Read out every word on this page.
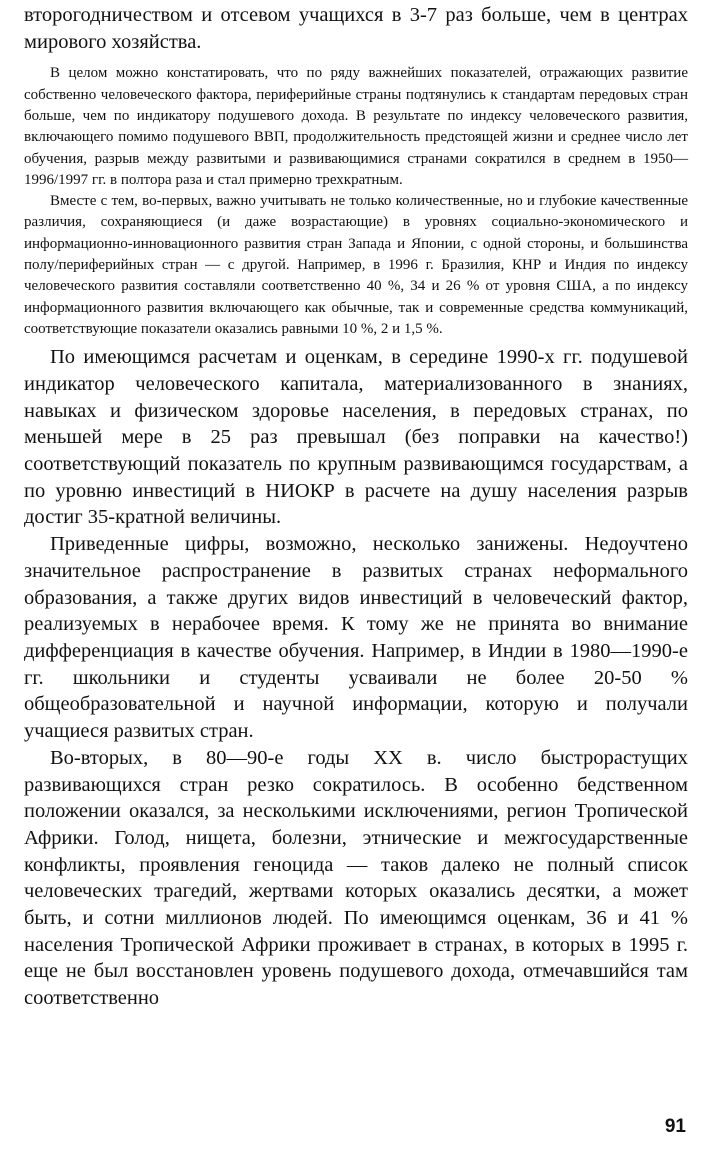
второгодничеством и отсевом учащихся в 3-7 раз больше, чем в центрах мирового хозяйства.

В целом можно констатировать, что по ряду важнейших показателей, отражающих развитие собственно человеческого фактора, периферийные страны подтянулись к стандартам передовых стран больше, чем по индикатору подушевого дохода. В результате по индексу человеческого развития, включающего помимо подушевого ВВП, продолжительность предстоящей жизни и среднее число лет обучения, разрыв между развитыми и развивающимися странами сократился в среднем в 1950—1996/1997 гг. в полтора раза и стал примерно трехкратным.

Вместе с тем, во-первых, важно учитывать не только количественные, но и глубокие качественные различия, сохраняющиеся (и даже возрастающие) в уровнях социально-экономического и информационно-инновационного развития стран Запада и Японии, с одной стороны, и большинства полу/периферийных стран — с другой. Например, в 1996 г. Бразилия, КНР и Индия по индексу человеческого развития составляли соответственно 40 %, 34 и 26 % от уровня США, а по индексу информационного развития включающего как обычные, так и современные средства коммуникаций, соответствующие показатели оказались равными 10 %, 2 и 1,5 %.

По имеющимся расчетам и оценкам, в середине 1990-х гг. подушевой индикатор человеческого капитала, материализованного в знаниях, навыках и физическом здоровье населения, в передовых странах, по меньшей мере в 25 раз превышал (без поправки на качество!) соответствующий показатель по крупным развивающимся государствам, а по уровню инвестиций в НИОКР в расчете на душу населения разрыв достиг 35-кратной величины.

Приведенные цифры, возможно, несколько занижены. Недоучтено значительное распространение в развитых странах неформального образования, а также других видов инвестиций в человеческий фактор, реализуемых в нерабочее время. К тому же не принята во внимание дифференциация в качестве обучения. Например, в Индии в 1980—1990-е гг. школьники и студенты усваивали не более 20-50 % общеобразовательной и научной информации, которую и получали учащиеся развитых стран.

Во-вторых, в 80—90-е годы XX в. число быстрорастущих развивающихся стран резко сократилось. В особенно бедственном положении оказался, за несколькими исключениями, регион Тропической Африки. Голод, нищета, болезни, этнические и межгосударственные конфликты, проявления геноцида — таков далеко не полный список человеческих трагедий, жертвами которых оказались десятки, а может быть, и сотни миллионов людей. По имеющимся оценкам, 36 и 41 % населения Тропической Африки проживает в странах, в которых в 1995 г. еще не был восстановлен уровень подушевого дохода, отмечавшийся там соответственно

91
